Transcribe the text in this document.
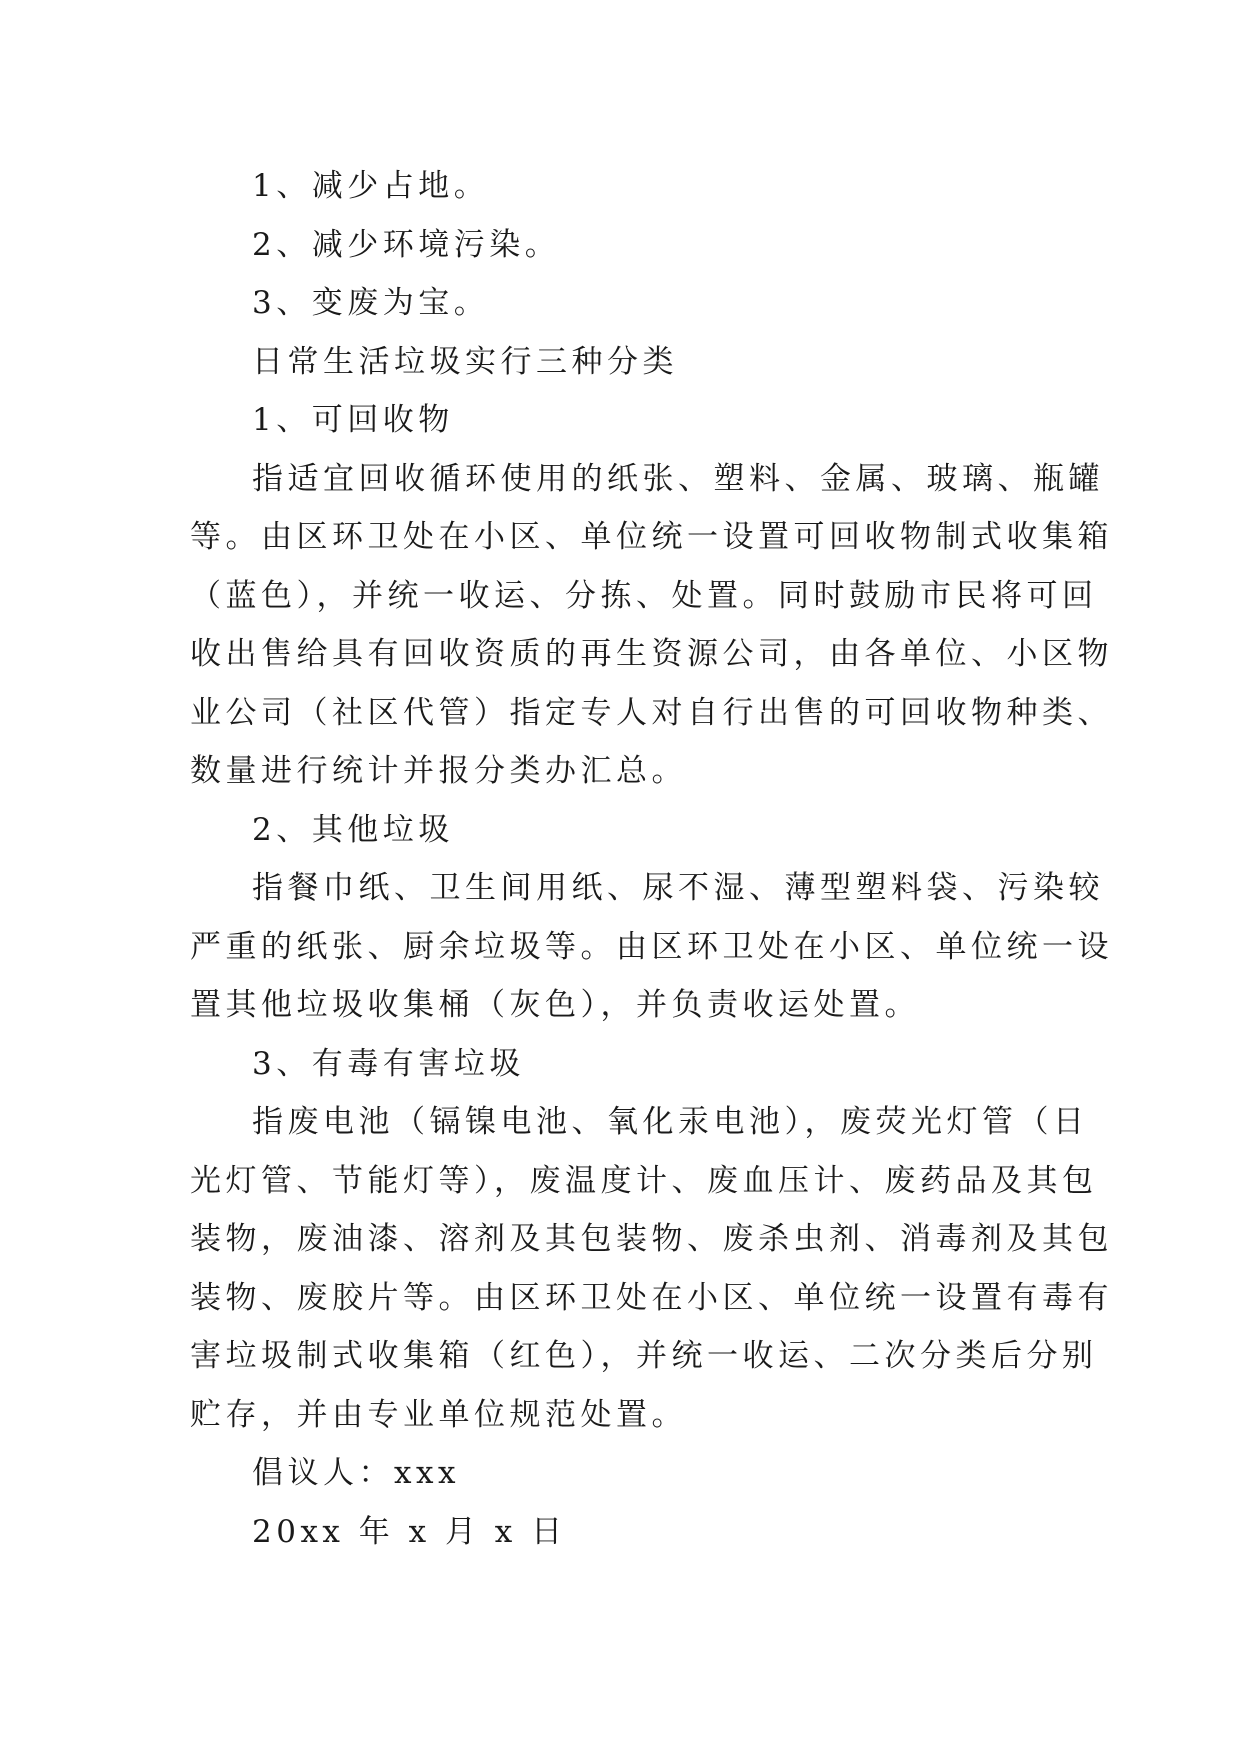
1、减少占地。
2、减少环境污染。
3、变废为宝。
日常生活垃圾实行三种分类
1、可回收物
指适宜回收循环使用的纸张、塑料、金属、玻璃、瓶罐
等。由区环卫处在小区、单位统一设置可回收物制式收集箱
（蓝色），并统一收运、分拣、处置。同时鼓励市民将可回
收出售给具有回收资质的再生资源公司，由各单位、小区物
业公司（社区代管）指定专人对自行出售的可回收物种类、
数量进行统计并报分类办汇总。
2、其他垃圾
指餐巾纸、卫生间用纸、尿不湿、薄型塑料袋、污染较
严重的纸张、厨余垃圾等。由区环卫处在小区、单位统一设
置其他垃圾收集桶（灰色），并负责收运处置。
3、有毒有害垃圾
指废电池（镉镍电池、氧化汞电池），废荧光灯管（日
光灯管、节能灯等），废温度计、废血压计、废药品及其包
装物，废油漆、溶剂及其包装物、废杀虫剂、消毒剂及其包
装物、废胶片等。由区环卫处在小区、单位统一设置有毒有
害垃圾制式收集箱（红色），并统一收运、二次分类后分别
贮存，并由专业单位规范处置。
倡议人：xxx
20xx 年 x 月 x 日
